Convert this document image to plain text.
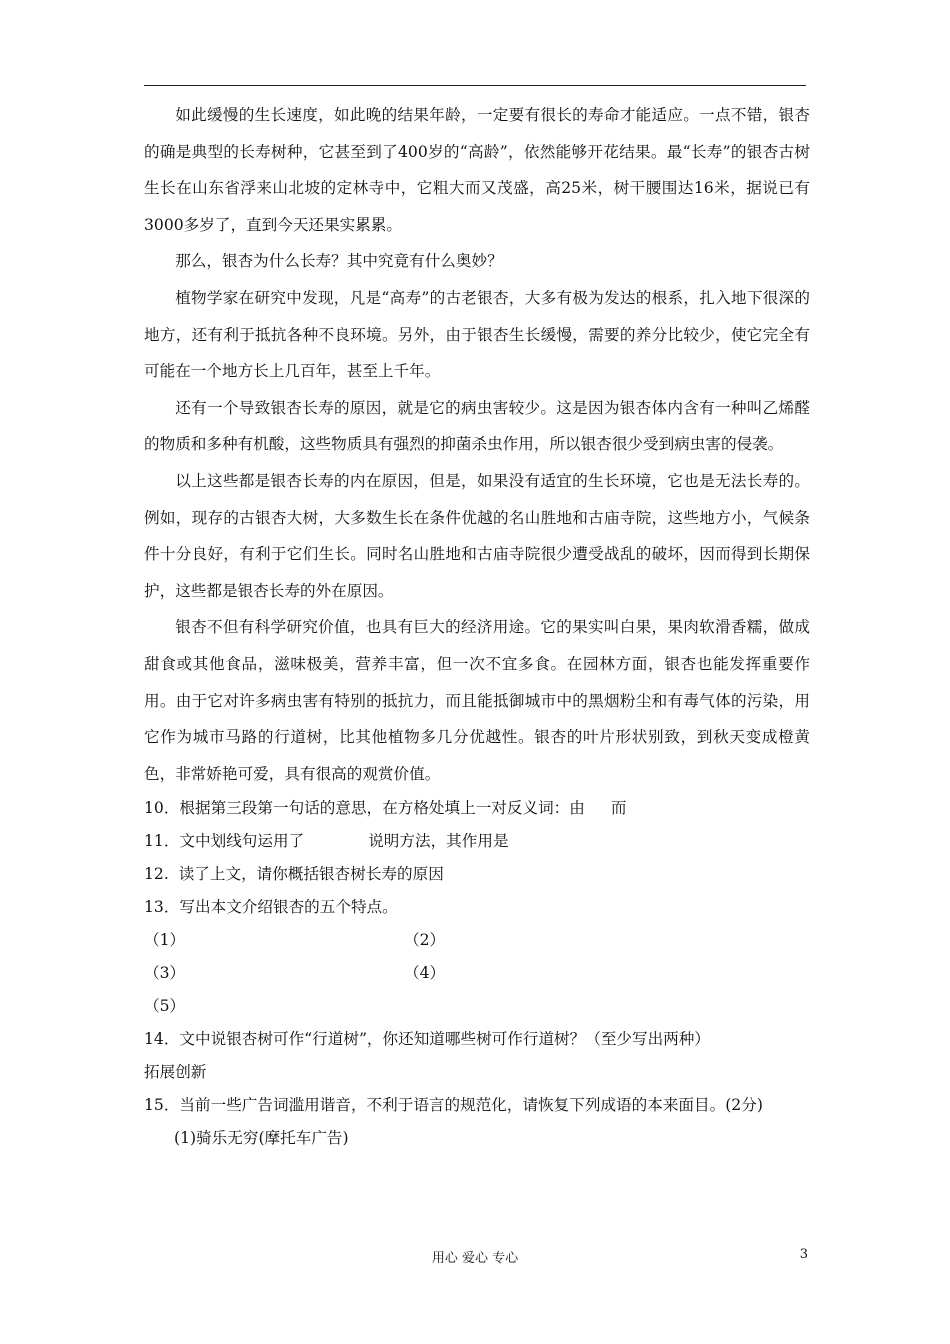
如此缓慢的生长速度，如此晚的结果年龄，一定要有很长的寿命才能适应。一点不错，银杏的确是典型的长寿树种，它甚至到了400岁的“高龄”，依然能够开花结果。最“长寿”的银杏古树生长在山东省浮来山北坡的定林寺中，它粗大而又茂盛，高25米，树干腰围达16米，据说已有3000多岁了，直到今天还果实累累。

那么，银杏为什么长寿？其中究竟有什么奥妙？

植物学家在研究中发现，凡是“高寿”的古老银杏，大多有极为发达的根系，扎入地下很深的地方，还有利于抵抗各种不良环境。另外，由于银杏生长缓慢，需要的养分比较少，使它完全有可能在一个地方长上几百年，甚至上千年。

还有一个导致银杏长寿的原因，就是它的病虫害较少。这是因为银杏体内含有一种叫乙烯醛的物质和多种有机酸，这些物质具有强烈的抑菌杀虫作用，所以银杏很少受到病虫害的侵袭。

以上这些都是银杏长寿的内在原因，但是，如果没有适宜的生长环境，它也是无法长寿的。例如，现存的古银杏大树，大多数生长在条件优越的名山胜地和古庙寺院，这些地方小，气候条件十分良好，有利于它们生长。同时名山胜地和古庙寺院很少遭受战乱的破坏，因而得到长期保护，这些都是银杏长寿的外在原因。

银杏不但有科学研究价值，也具有巨大的经济用途。它的果实叫白果，果肉软滑香糯，做成甜食或其他食品，滋味极美，营养丰富，但一次不宜多食。在园林方面，银杏也能发挥重要作用。由于它对许多病虫害有特别的抵抗力，而且能抵御城市中的黑烟粉尘和有毒气体的污染，用它作为城市马路的行道树，比其他植物多几分优越性。银杏的叶片形状别致，到秋天变成橙黄色，非常娇艳可爱，具有很高的观赏价值。

10．根据第三段第一句话的意思，在方格处填上一对反义词：由 而
11．文中划线句运用了	说明方法，其作用是
12.  读了上文，请你概括银杏树长寿的原因
13．写出本文介绍银杏的五个特点。
（1）	（2）
（3）	（4）
（5）
14．文中说银杏树可作“行道树”，你还知道哪些树可作行道树？（至少写出两种）
拓展创新
15．当前一些广告词滥用谐音，不利于语言的规范化，请恢复下列成语的本来面目。(2分)
(1)骑乐无穷(摩托车广告)
用心 爱心 专心	3
